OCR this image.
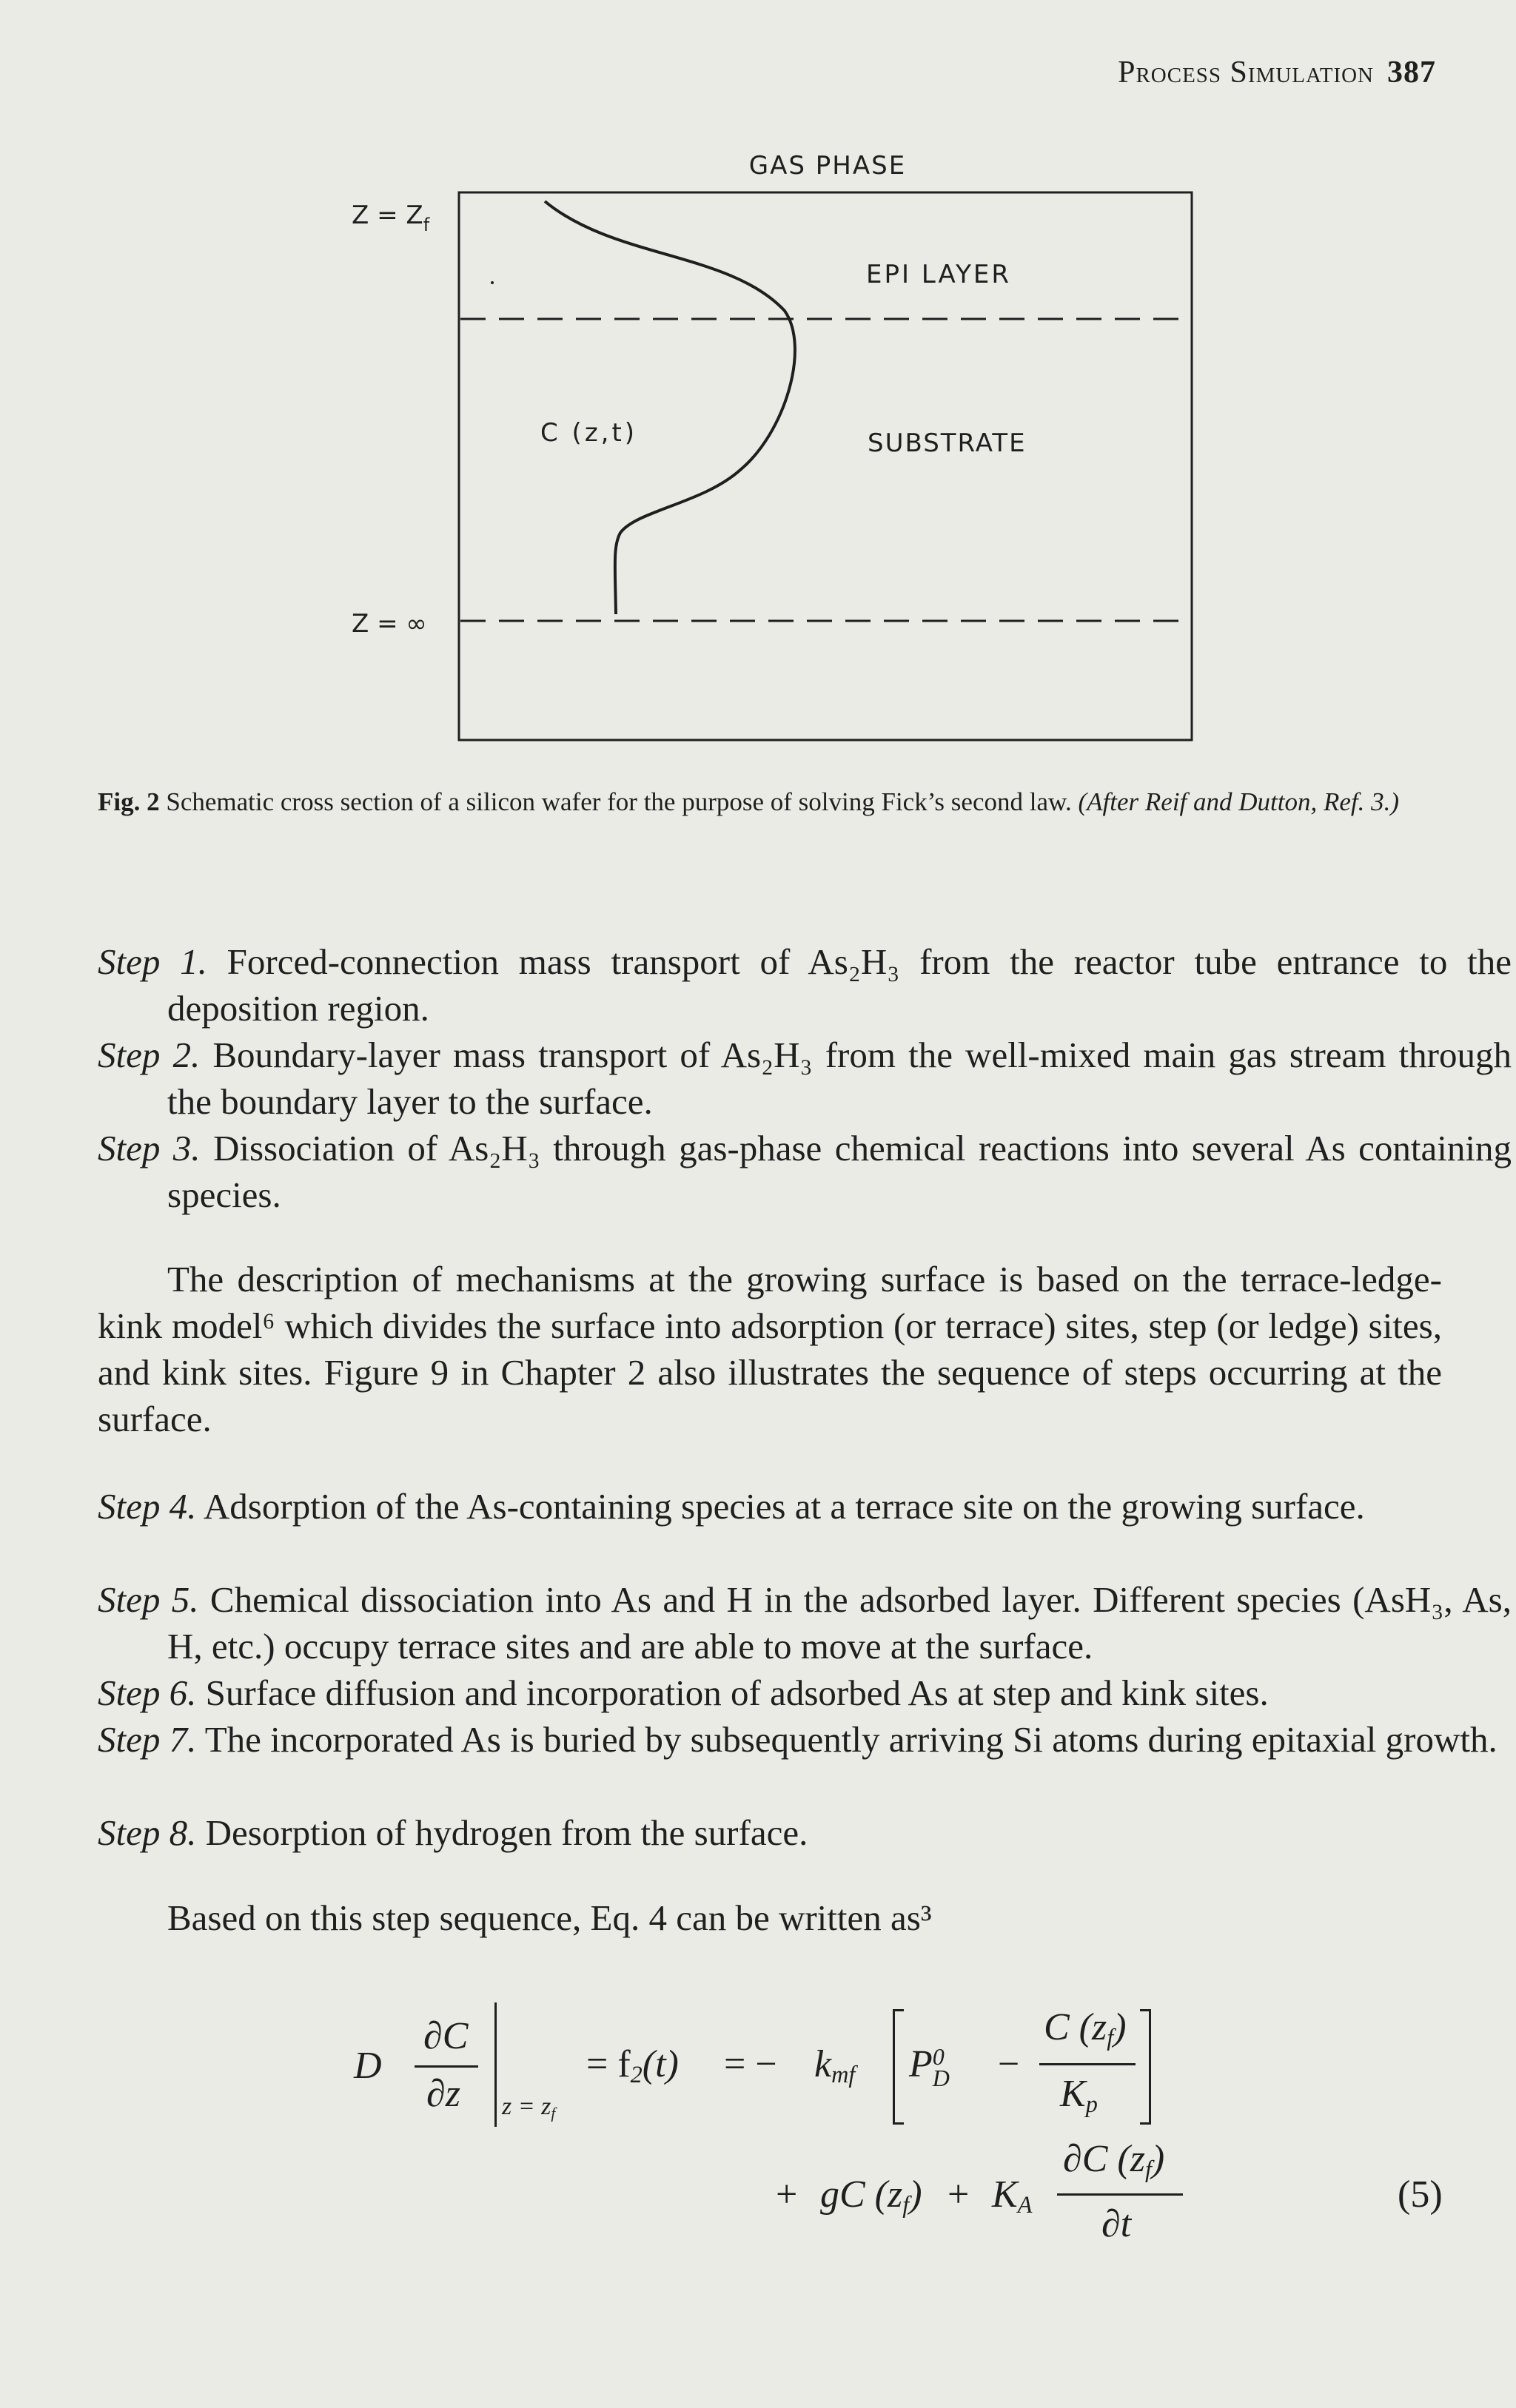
Process Simulation 387
GAS PHASE
$Z = Z_f$
Z = ∞
EPI LAYER
SUBSTRATE
C (z,t)
Fig. 2 Schematic cross section of a silicon wafer for the purpose of solving Fick’s second law. (After Reif and Dutton, Ref. 3.)
Step 1. Forced-connection mass transport of As₂H₃ from the reactor tube entrance to the deposition region.
Step 2. Boundary-layer mass transport of As₂H₃ from the well-mixed main gas stream through the boundary layer to the surface.
Step 3. Dissociation of As₂H₃ through gas-phase chemical reactions into several As containing species.
The description of mechanisms at the growing surface is based on the terrace-ledge-kink model⁶ which divides the surface into adsorption (or terrace) sites, step (or ledge) sites, and kink sites. Figure 9 in Chapter 2 also illustrates the sequence of steps occurring at the surface.
Step 4. Adsorption of the As-containing species at a terrace site on the growing surface.
Step 5. Chemical dissociation into As and H in the adsorbed layer. Different species (AsH₃, As, H, etc.) occupy terrace sites and are able to move at the surface.
Step 6. Surface diffusion and incorporation of adsorbed As at step and kink sites.
Step 7. The incorporated As is buried by subsequently arriving Si atoms during epitaxial growth.
Step 8. Desorption of hydrogen from the surface.
Based on this step sequence, Eq. 4 can be written as³
D
∂C
∂z $z = z_f$
= $f_2(t)$ = − $k_{mf}$ P 0
D −
C $(z_f)$
$K_p$
+ gC $(z_f) + K_A$
∂C $(z_f)$
∂t
(5)
